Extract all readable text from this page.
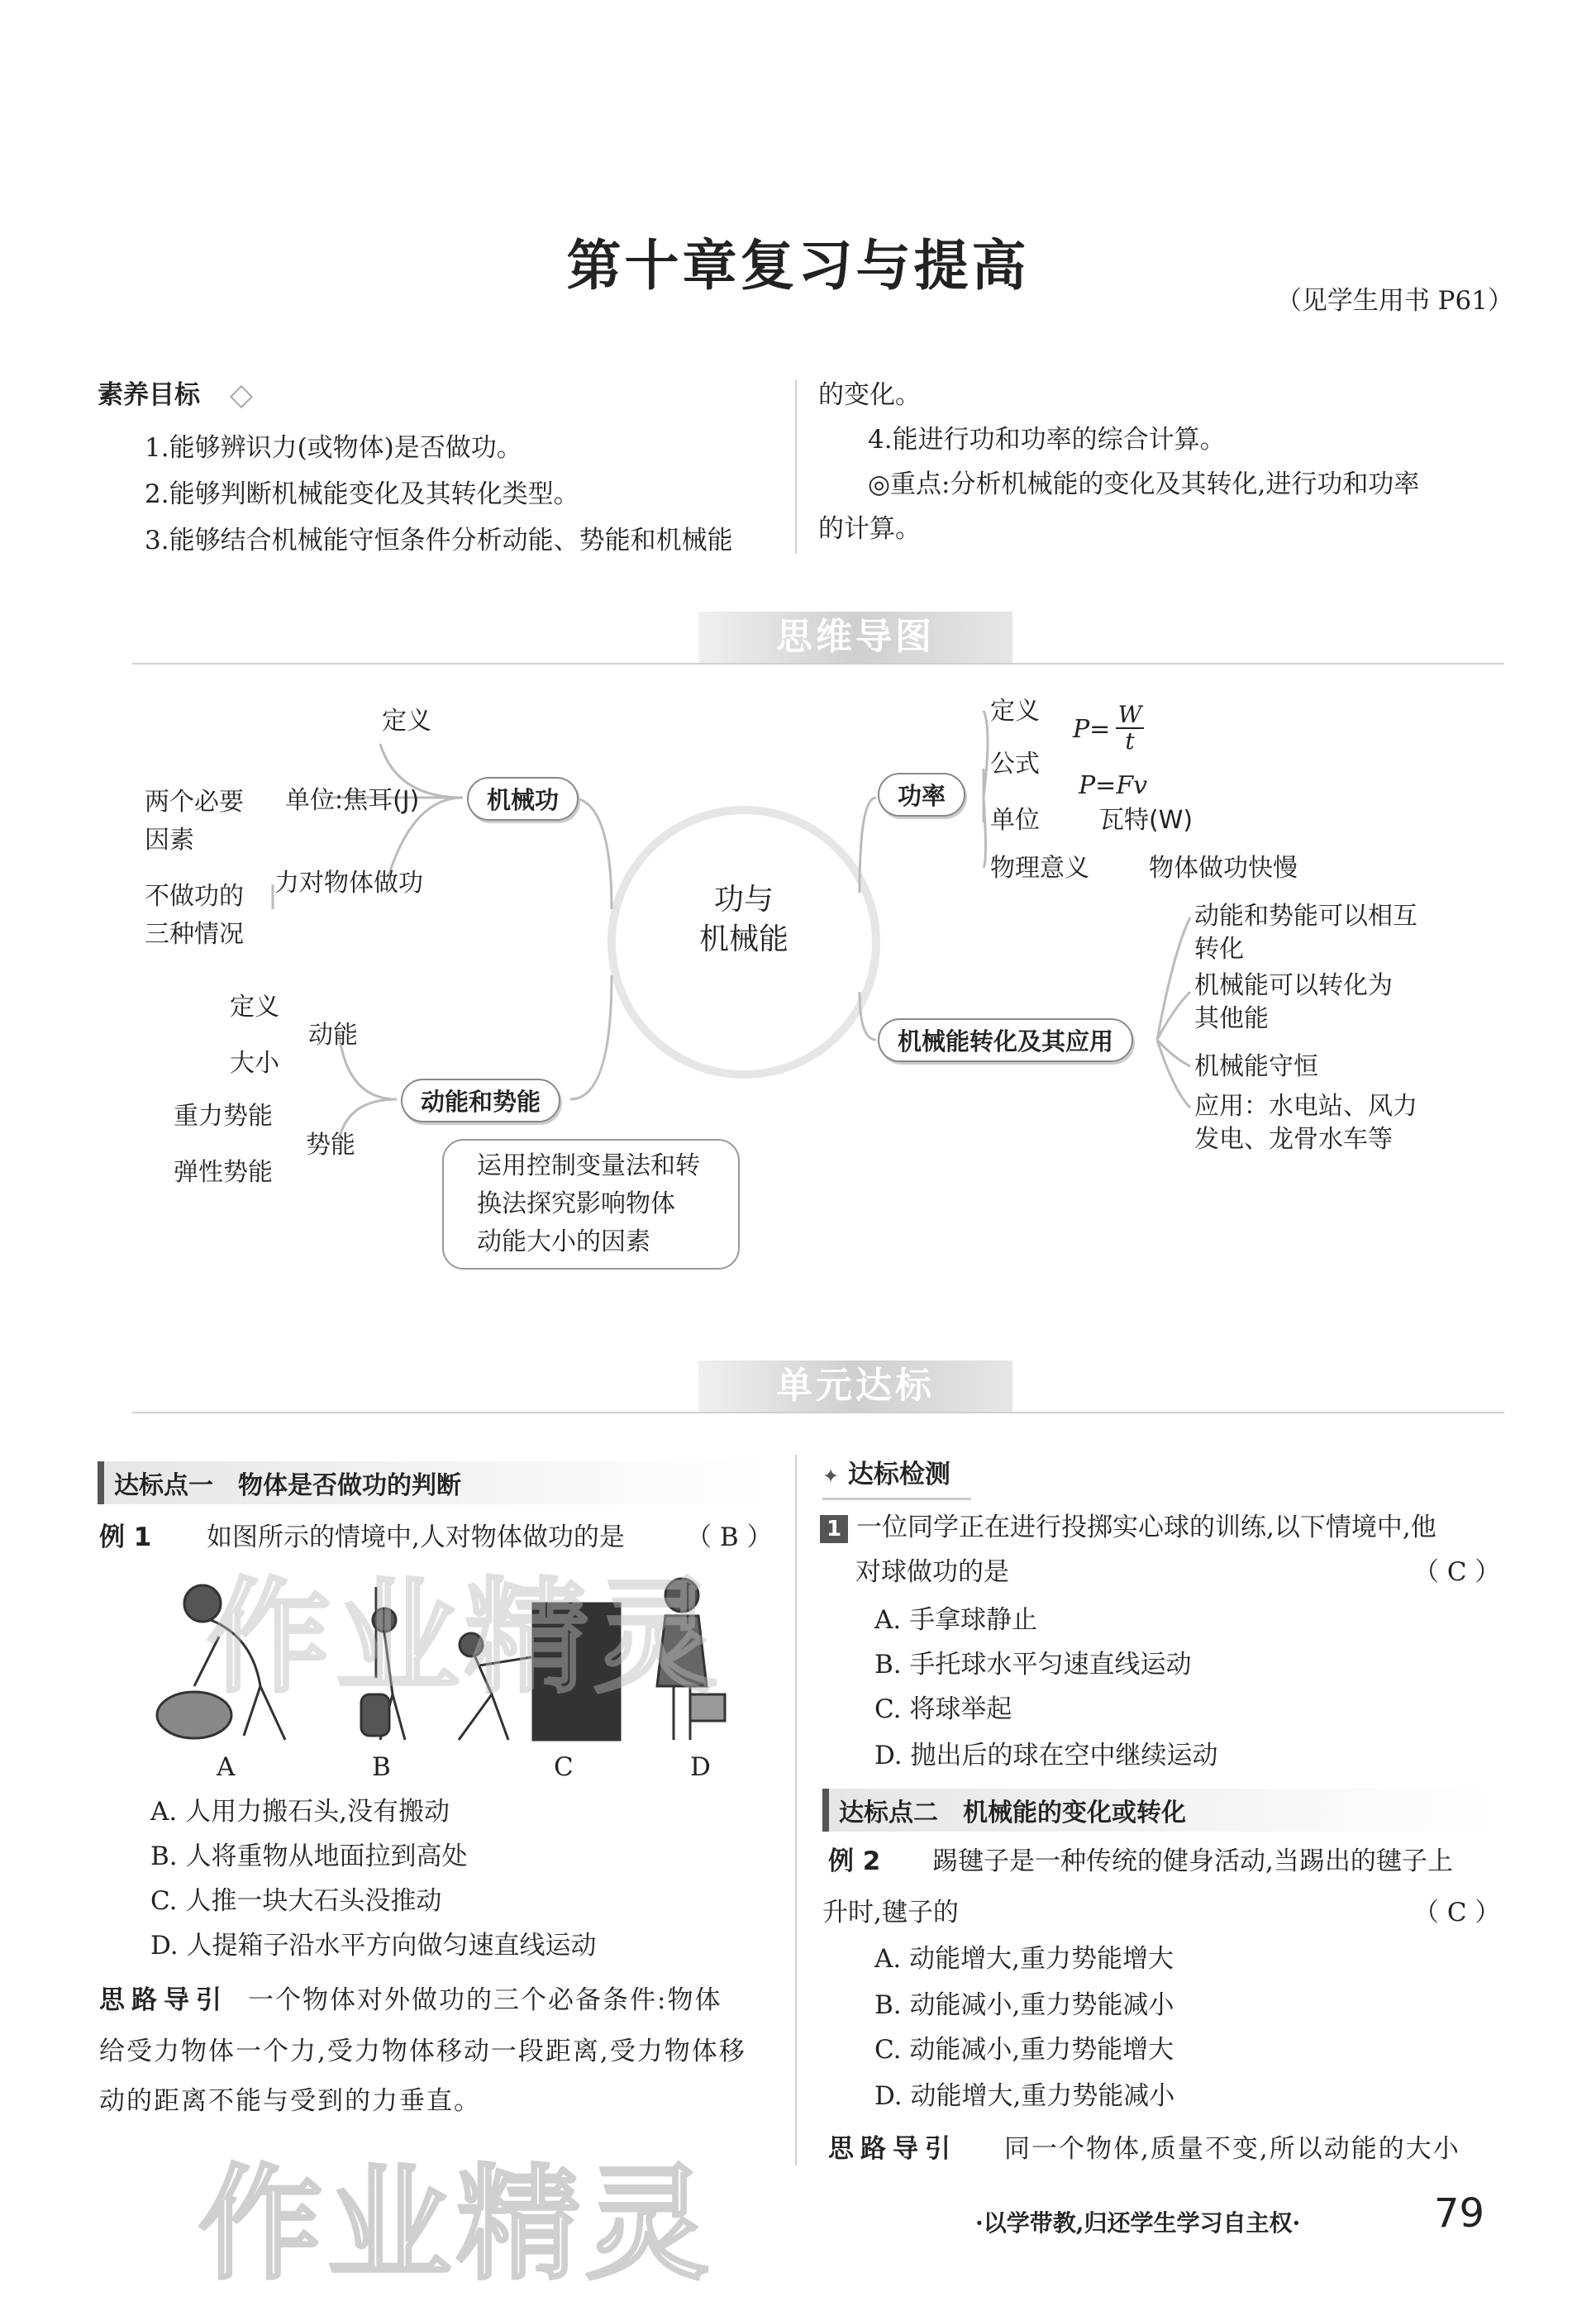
第十章复习与提高
（见学生用书 P61）
素养目标
1.能够辨识力(或物体)是否做功。
2.能够判断机械能变化及其转化类型。
3.能够结合机械能守恒条件分析动能、势能和机械能
的变化。
4.能进行功和功率的综合计算。
◎重点:分析机械能的变化及其转化,进行功和功率
的计算。
思维导图
功与
机械能
机械功
定义
单位:焦耳(J)
两个必要
因素
力对物体做功
不做功的
三种情况
动能和势能
定义
动能
大小
重力势能
势能
弹性势能	运用控制变量法和转
换法探究影响物体
动能大小的因素
功率
定义
$P= \frac{W}{t}$
公式
P=Fv
单位 瓦特(W)
物理意义 物体做功快慢
机械能转化及其应用
动能和势能可以相互
转化
机械能可以转化为
其他能
机械能守恒
应用：水电站、风力
发电、龙骨水车等
单元达标
达标点一　物体是否做功的判断
例 1 如图所示的情境中,人对物体做功的是 （ B ）
A	B	C	D
A. 人用力搬石头,没有搬动
B. 人将重物从地面拉到高处
C. 人推一块大石头没推动
D. 人提箱子沿水平方向做匀速直线运动
思路导引 一个物体对外做功的三个必备条件:物体
给受力物体一个力,受力物体移动一段距离,受力物体移
动的距离不能与受到的力垂直。
✦ 达标检测
1 一位同学正在进行投掷实心球的训练,以下情境中,他
对球做功的是	（ C ）
A. 手拿球静止
B. 手托球水平匀速直线运动
C. 将球举起
D. 抛出后的球在空中继续运动
达标点二　机械能的变化或转化
例 2 踢毽子是一种传统的健身活动,当踢出的毽子上
升时,毽子的	（ C ）
A. 动能增大,重力势能增大
B. 动能减小,重力势能减小
C. 动能减小,重力势能增大
D. 动能增大,重力势能减小
思路导引 同一个物体,质量不变,所以动能的大小
作业精灵
作业精灵	·以学带教,归还学生学习自主权·	79
